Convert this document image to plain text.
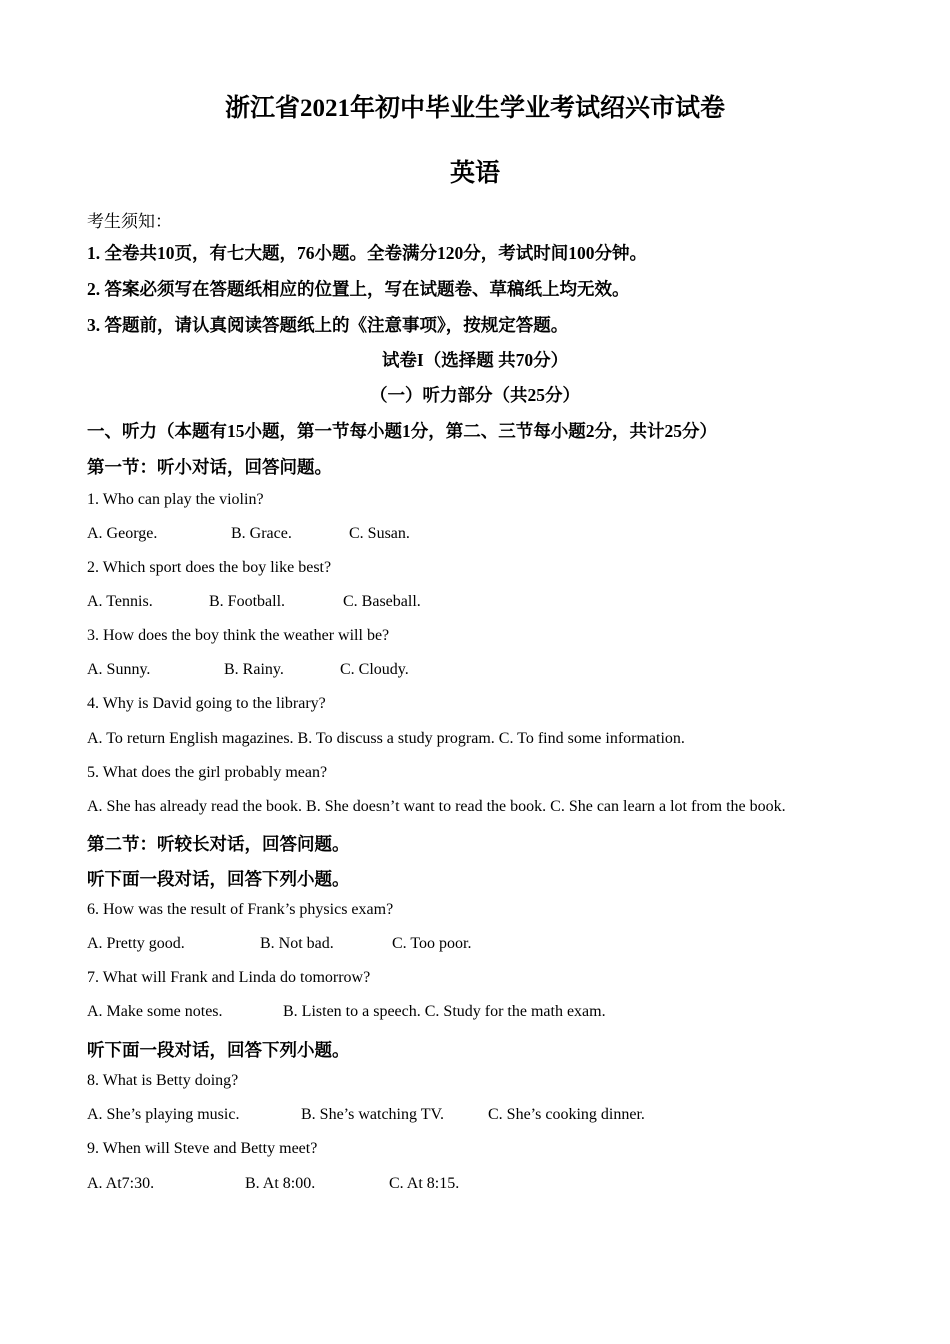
浙江省2021年初中毕业生学业考试绍兴市试卷
英语
考生须知：
1. 全卷共10页，有七大题，76小题。全卷满分120分，考试时间100分钟。
2. 答案必须写在答题纸相应的位置上，写在试题卷、草稿纸上均无效。
3. 答题前，请认真阅读答题纸上的《注意事项》，按规定答题。
试卷I（选择题 共70分）
（一）听力部分（共25分）
一、听力（本题有15小题，第一节每小题1分，第二、三节每小题2分，共计25分）
第一节：听小对话，回答问题。
1. Who can play the violin?
A. George.	B. Grace.	C. Susan.
2. Which sport does the boy like best?
A. Tennis.	B. Football.	C. Baseball.
3. How does the boy think the weather will be?
A. Sunny.	B. Rainy.	C. Cloudy.
4. Why is David going to the library?
A. To return English magazines. B. To discuss a study program. C. To find some information.
5. What does the girl probably mean?
A. She has already read the book. B. She doesn’t want to read the book. C. She can learn a lot from the book.
第二节：听较长对话，回答问题。
听下面一段对话，回答下列小题。
6. How was the result of Frank’s physics exam?
A. Pretty good.	B. Not bad.	C. Too poor.
7. What will Frank and Linda do tomorrow?
A. Make some notes.	B. Listen to a speech. C. Study for the math exam.
听下面一段对话，回答下列小题。
8. What is Betty doing?
A. She’s playing music.	B. She’s watching TV.	C. She’s cooking dinner.
9. When will Steve and Betty meet?
A. At7:30.	B. At 8:00.	C. At 8:15.
